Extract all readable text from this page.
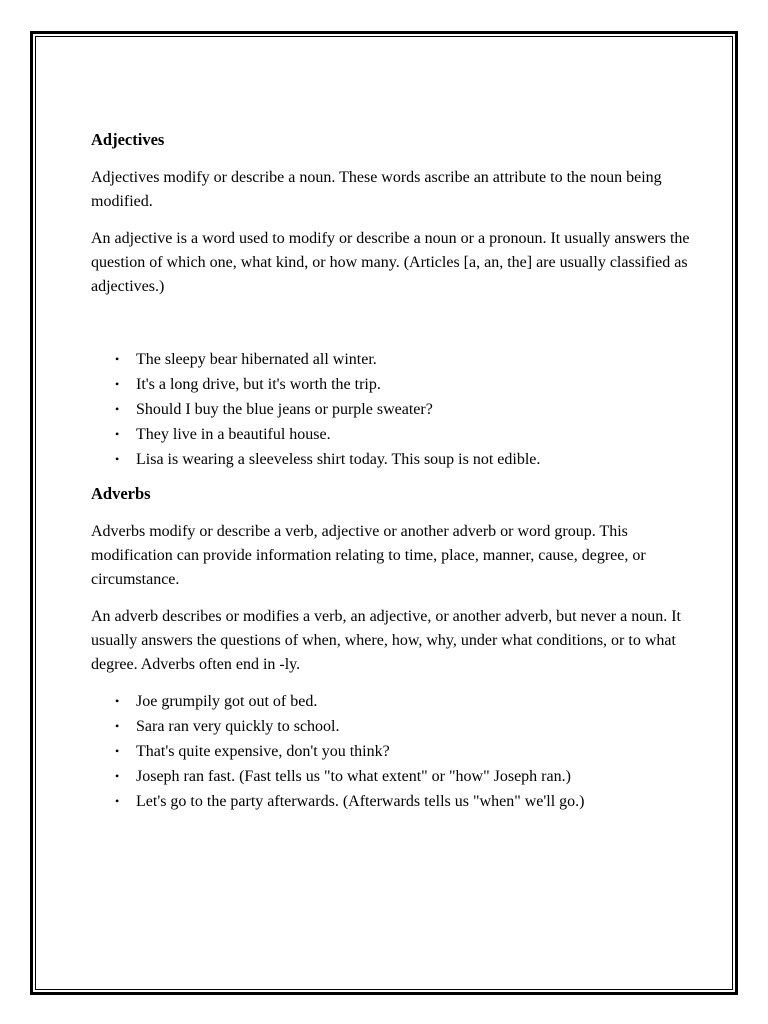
Adjectives

Adjectives modify or describe a noun. These words ascribe an attribute to the noun being modified.

An adjective is a word used to modify or describe a noun or a pronoun. It usually answers the question of which one, what kind, or how many. (Articles [a, an, the] are usually classified as adjectives.)

• The sleepy bear hibernated all winter.
• It's a long drive, but it's worth the trip.
• Should I buy the blue jeans or purple sweater?
• They live in a beautiful house.
• Lisa is wearing a sleeveless shirt today. This soup is not edible.
Adverbs

Adverbs modify or describe a verb, adjective or another adverb or word group. This modification can provide information relating to time, place, manner, cause, degree, or circumstance.

An adverb describes or modifies a verb, an adjective, or another adverb, but never a noun. It usually answers the questions of when, where, how, why, under what conditions, or to what degree. Adverbs often end in -ly.

• Joe grumpily got out of bed.
• Sara ran very quickly to school.
• That's quite expensive, don't you think?
• Joseph ran fast. (Fast tells us "to what extent" or "how" Joseph ran.)
• Let's go to the party afterwards. (Afterwards tells us "when" we'll go.)
